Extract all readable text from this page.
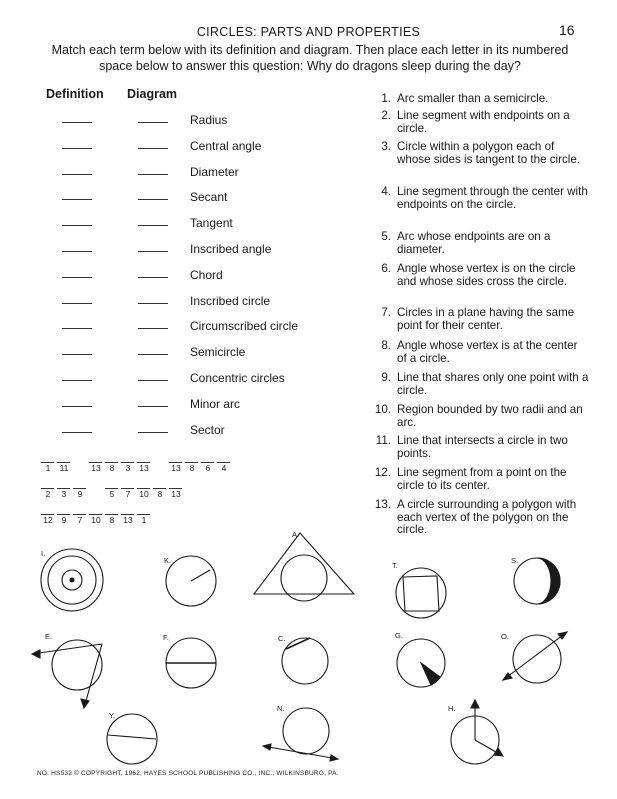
CIRCLES: PARTS AND PROPERTIES	16
Match each term below with its definition and diagram. Then place each letter in its numbered space below to answer this question: Why do dragons sleep during the day?
Definition Diagram
Radius
Central angle
Diameter
Secant
Tangent
Inscribed angle
Chord
Inscribed circle
Circumscribed circle
Semicircle
Concentric circles
Minor arc
Sector
1. Arc smaller than a semicircle.
2. Line segment with endpoints on a circle.
3. Circle within a polygon each of whose sides is tangent to the circle.
4. Line segment through the center with endpoints on the circle.
5. Arc whose endpoints are on a diameter.
6. Angle whose vertex is on the circle and whose sides cross the circle.
7. Circles in a plane having the same point for their center.
8. Angle whose vertex is at the center of a circle.
9. Line that shares only one point with a circle.
10. Region bounded by two radii and an arc.
11. Line that intersects a circle in two points.
12. Line segment from a point on the circle to its center.
13. A circle surrounding a polygon with each vertex of the polygon on the circle.
1	11	13	8	3	13	13	8	6	4
2	3	9	5	7	10	8	13
12	9	7	10	8	13	1
I.
K.
A.
T.
S.
E.	F.	C.	G.	O.
Y.
N.	H.
NO. HS532 © COPYRIGHT, 1962, HAYES SCHOOL PUBLISHING CO., INC., WILKINSBURG, PA.
